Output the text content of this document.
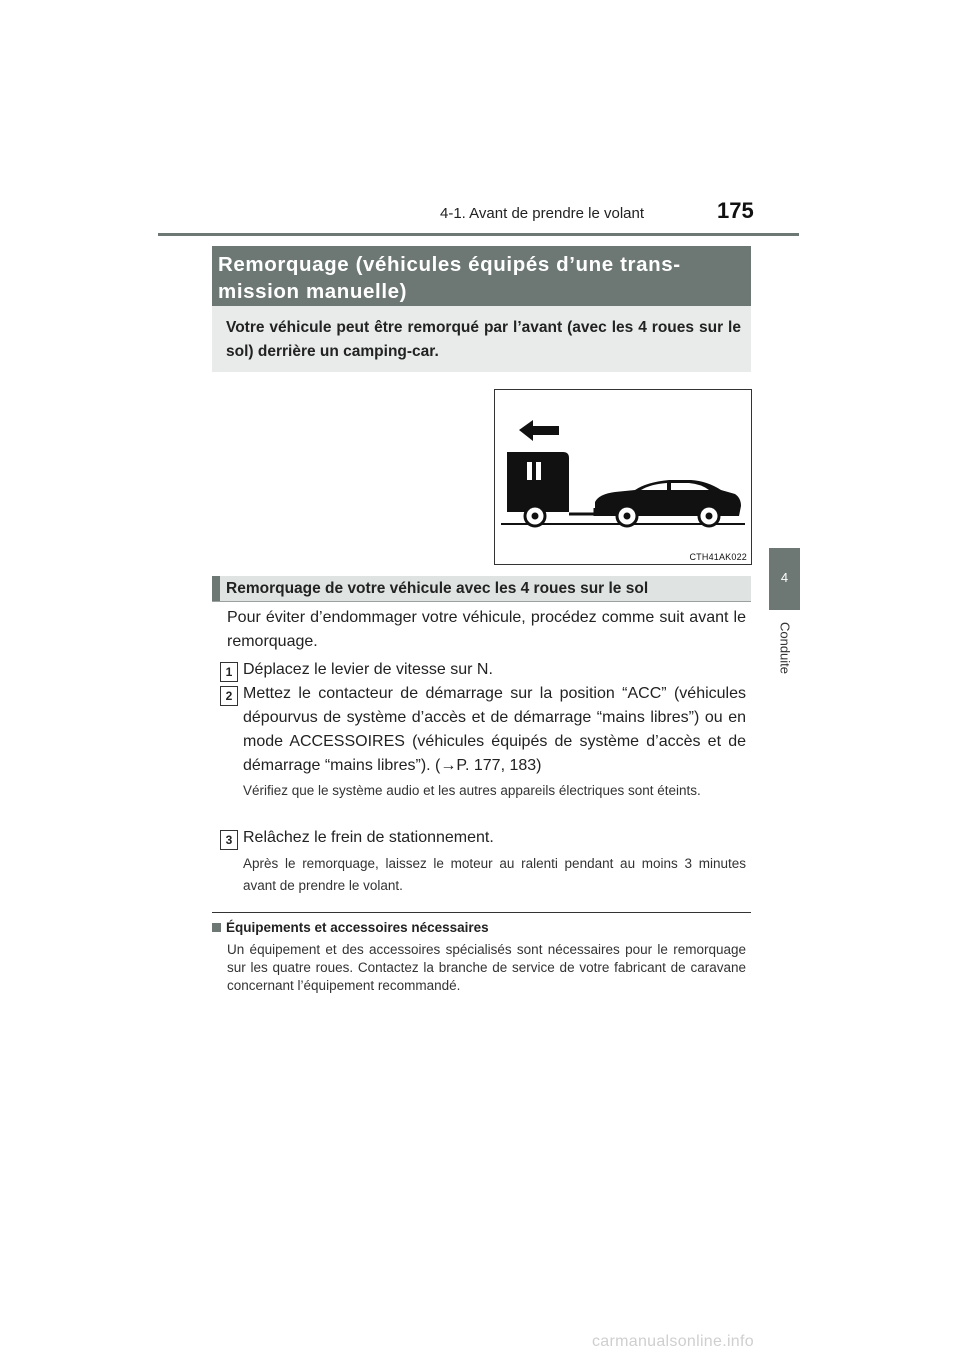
4-1. Avant de prendre le volant	175
4
Conduite
Remorquage (véhicules équipés d’une trans-mission manuelle)
Votre véhicule peut être remorqué par l’avant (avec les 4 roues sur le sol) derrière un camping-car.
CTH41AK022
Remorquage de votre véhicule avec les 4 roues sur le sol
Pour éviter d’endommager votre véhicule, procédez comme suit avant le remorquage.
1 Déplacez le levier de vitesse sur N.
2 Mettez le contacteur de démarrage sur la position “ACC” (véhicules dépourvus de système d’accès et de démarrage “mains libres”) ou en mode ACCESSOIRES (véhicules équipés de système d’accès et de démarrage “mains libres”). (→P. 177, 183)
Vérifiez que le système audio et les autres appareils électriques sont éteints.
3 Relâchez le frein de stationnement.
Après le remorquage, laissez le moteur au ralenti pendant au moins 3 minutes avant de prendre le volant.
Équipements et accessoires nécessaires
Un équipement et des accessoires spécialisés sont nécessaires pour le remorquage sur les quatre roues. Contactez la branche de service de votre fabricant de caravane concernant l’équipement recommandé.
carmanualsonline.info
